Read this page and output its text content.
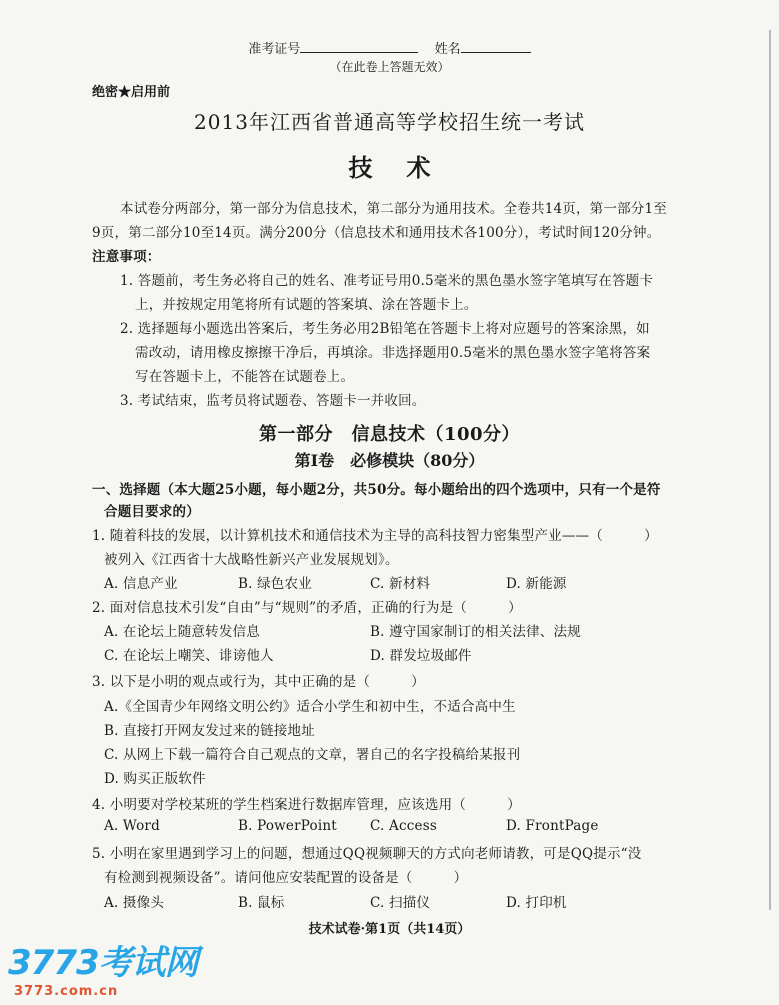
准考证号	姓名
（在此卷上答题无效）
绝密★启用前
2013年江西省普通高等学校招生统一考试
技术
本试卷分两部分，第一部分为信息技术，第二部分为通用技术。全卷共14页，第一部分1至
9页，第二部分10至14页。满分200分（信息技术和通用技术各100分），考试时间120分钟。
注意事项：
1. 答题前，考生务必将自己的姓名、准考证号用0.5毫米的黑色墨水签字笔填写在答题卡
上，并按规定用笔将所有试题的答案填、涂在答题卡上。
2. 选择题每小题选出答案后，考生务必用2B铅笔在答题卡上将对应题号的答案涂黑，如
需改动，请用橡皮擦擦干净后，再填涂。非选择题用0.5毫米的黑色墨水签字笔将答案
写在答题卡上，不能答在试题卷上。
3. 考试结束，监考员将试题卷、答题卡一并收回。
第一部分　信息技术（100分）
第Ⅰ卷　必修模块（80分）
一、选择题（本大题25小题，每小题2分，共50分。每小题给出的四个选项中，只有一个是符
合题目要求的）
1. 随着科技的发展，以计算机技术和通信技术为主导的高科技智力密集型产业——（　　　）
被列入《江西省十大战略性新兴产业发展规划》。
A. 信息产业	B. 绿色农业	C. 新材料	D. 新能源
2. 面对信息技术引发“自由”与“规则”的矛盾，正确的行为是（　　　）
A. 在论坛上随意转发信息	B. 遵守国家制订的相关法律、法规
C. 在论坛上嘲笑、诽谤他人	D. 群发垃圾邮件
3. 以下是小明的观点或行为，其中正确的是（　　　）
A.《全国青少年网络文明公约》适合小学生和初中生，不适合高中生
B. 直接打开网友发过来的链接地址
C. 从网上下载一篇符合自己观点的文章，署自己的名字投稿给某报刊
D. 购买正版软件
4. 小明要对学校某班的学生档案进行数据库管理，应该选用（　　　）
A. Word	B. PowerPoint C. Access	D. FrontPage
5. 小明在家里遇到学习上的问题，想通过QQ视频聊天的方式向老师请教，可是QQ提示“没
有检测到视频设备”。请问他应安装配置的设备是（　　　）
A. 摄像头	B. 鼠标	C. 扫描仪	D. 打印机
技术试卷·第1页（共14页）
3773考试网
3773.com.cn
